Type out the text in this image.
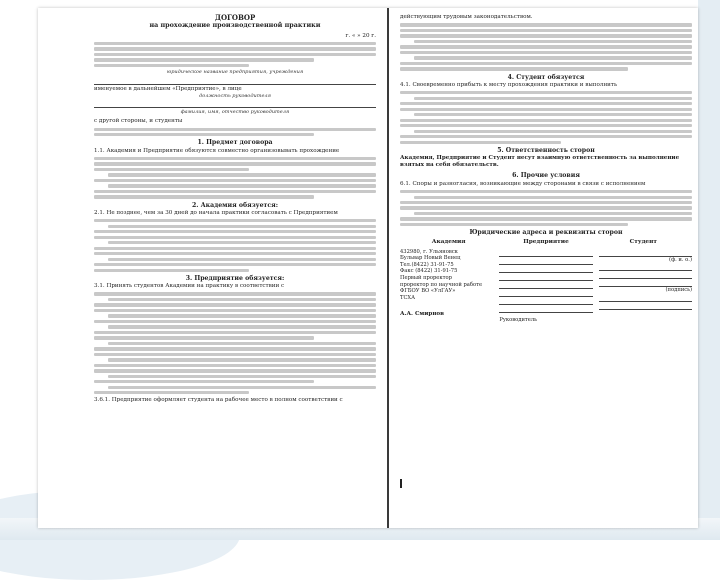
ДОГОВОР
на прохождение производственной практики
г. « » 20 г.
юридическое название предприятия, учреждения
именуемое в дальнейшем «Предприятие», в лице
должность руководителя
фамилия, имя, отчество руководителя
с другой стороны, и студенты
1. Предмет договора
1.1. Академия и Предприятие обязуются совместно организовывать прохождение
2. Академия обязуется:
2.1. Не позднее, чем за 30 дней до начала практики согласовать с Предприятием
3. Предприятие обязуется:
3.1. Принять студентов Академии на практику в соответствии с
3.6.1. Предприятие оформляет студента на рабочее место в полном соответствии с
действующим трудовым законодательством.
4. Студент обязуется
4.1. Своевременно прибыть к месту прохождения практики и выполнить
5. Ответственность сторон
Академия, Предприятие и Студент несут взаимную ответственность за выполнение взятых на себя обязательств.
6. Прочие условия
6.1. Споры и разногласия, возникающие между сторонами в связи с исполнением
Юридические адреса и реквизиты сторон
Академия	Предприятие	Студент
432980, г. Ульяновск
Бульвар Новый Венец
Тел.(8422) 31-91-75
Факс (8422) 31-91-75
Первый проректор
проректор по научной работе
ФГБОУ ВО «УлГАУ»
ТСХА
А.А. Смирнов
Руководитель
(ф. и. о.)
(подпись)
